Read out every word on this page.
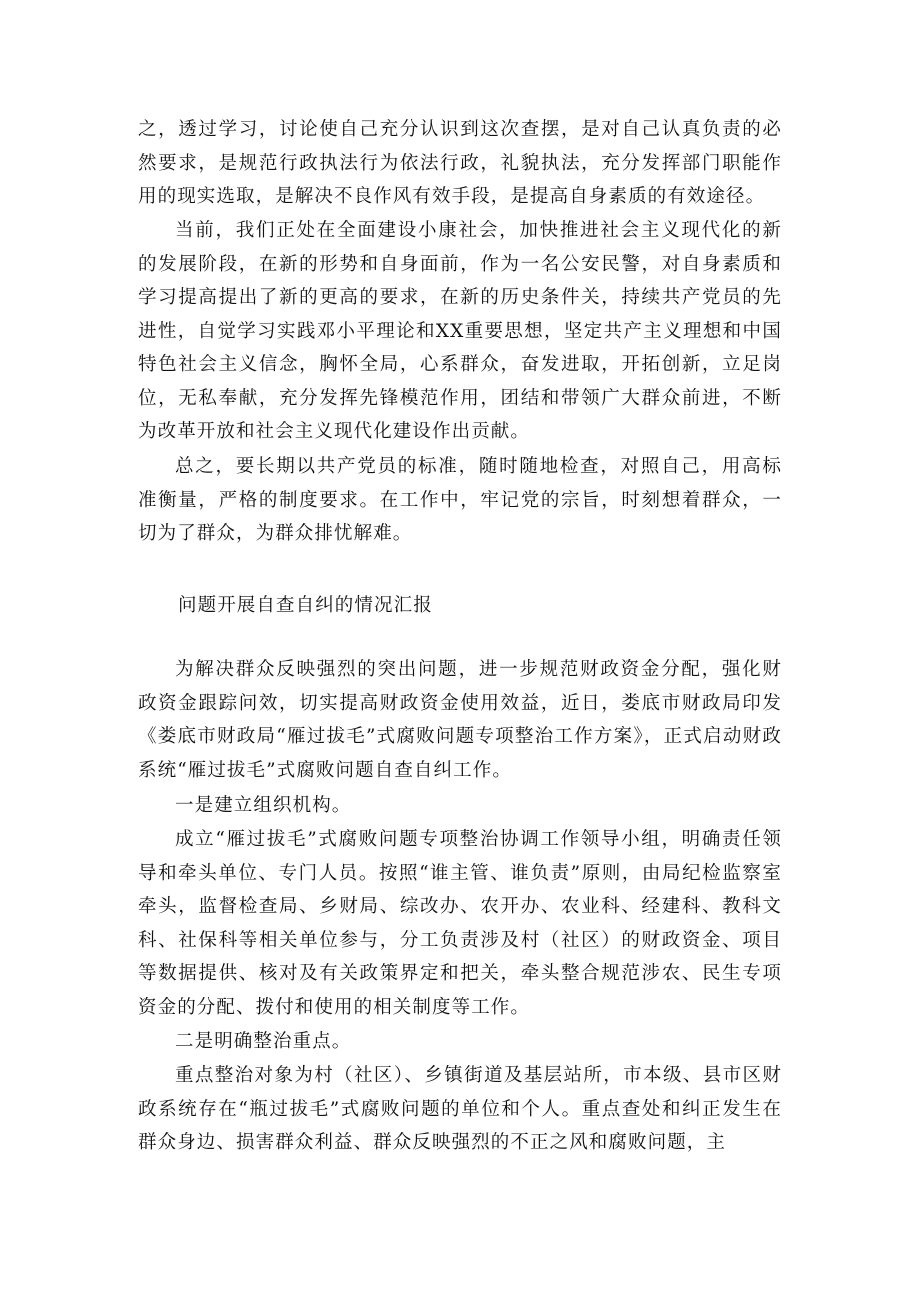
之，透过学习，讨论使自己充分认识到这次查摆，是对自己认真负责的必然要求，是规范行政执法行为依法行政，礼貌执法，充分发挥部门职能作用的现实选取，是解决不良作风有效手段，是提高自身素质的有效途径。

当前，我们正处在全面建设小康社会，加快推进社会主义现代化的新的发展阶段，在新的形势和自身面前，作为一名公安民警，对自身素质和学习提高提出了新的更高的要求，在新的历史条件关，持续共产党员的先进性，自觉学习实践邓小平理论和XX重要思想，坚定共产主义理想和中国特色社会主义信念，胸怀全局，心系群众，奋发进取，开拓创新，立足岗位，无私奉献，充分发挥先锋模范作用，团结和带领广大群众前进，不断为改革开放和社会主义现代化建设作出贡献。

总之，要长期以共产党员的标准，随时随地检查，对照自己，用高标准衡量，严格的制度要求。在工作中，牢记党的宗旨，时刻想着群众，一切为了群众，为群众排忧解难。

问题开展自查自纠的情况汇报

为解决群众反映强烈的突出问题，进一步规范财政资金分配，强化财政资金跟踪问效，切实提高财政资金使用效益，近日，娄底市财政局印发《娄底市财政局“雁过拔毛”式腐败问题专项整治工作方案》，正式启动财政系统“雁过拔毛”式腐败问题自查自纠工作。

一是建立组织机构。

成立“雁过拔毛”式腐败问题专项整治协调工作领导小组，明确责任领导和牵头单位、专门人员。按照“谁主管、谁负责”原则，由局纪检监察室牵头，监督检查局、乡财局、综改办、农开办、农业科、经建科、教科文科、社保科等相关单位参与，分工负责涉及村（社区）的财政资金、项目等数据提供、核对及有关政策界定和把关，牵头整合规范涉农、民生专项资金的分配、拨付和使用的相关制度等工作。

二是明确整治重点。

重点整治对象为村（社区）、乡镇街道及基层站所，市本级、县市区财政系统存在“瓶过拔毛”式腐败问题的单位和个人。重点查处和纠正发生在群众身边、损害群众利益、群众反映强烈的不正之风和腐败问题，主
